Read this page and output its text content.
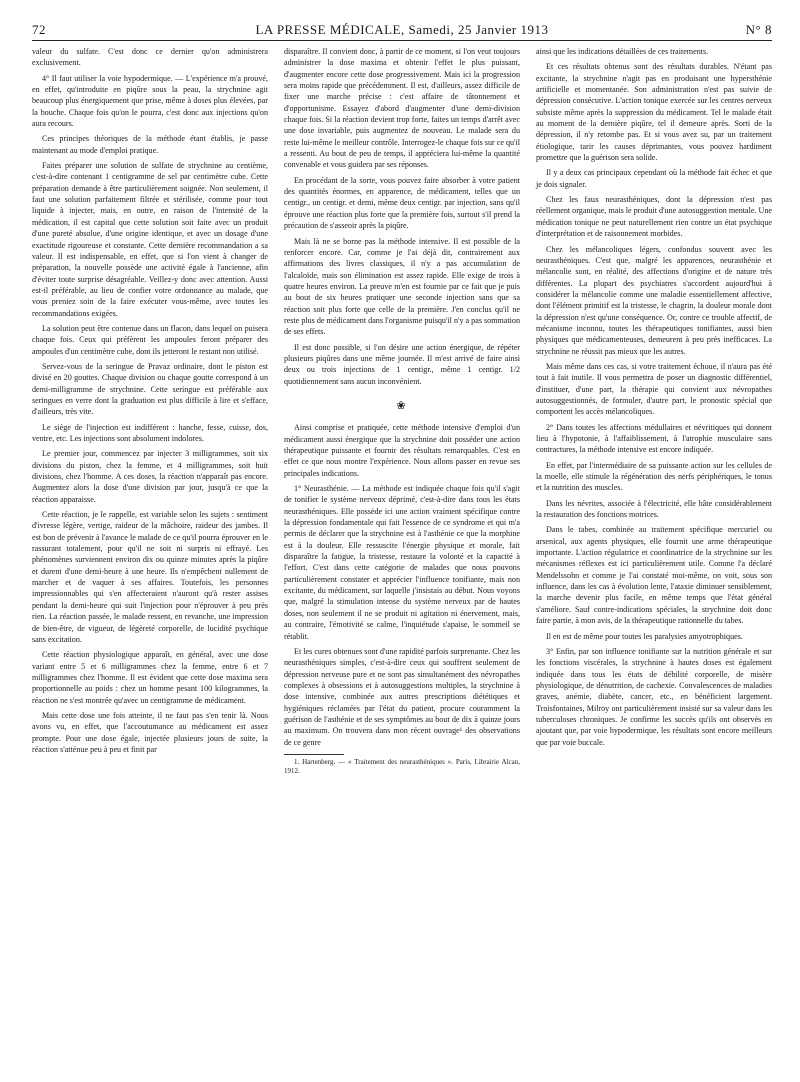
72	LA PRESSE MÉDICALE, Samedi, 25 Janvier 1913	N° 8

valeur du sulfate. C'est donc ce dernier qu'on administrera exclusivement.

4° Il faut utiliser la voie hypodermique. — L'expérience m'a prouvé, en effet, qu'introduite en piqûre sous la peau, la strychnine agit beaucoup plus énergiquement que prise, même à doses plus élevées, par la bouche. Chaque fois qu'on le pourra, c'est donc aux injections qu'on aura recours.

Ces principes théoriques de la méthode étant établis, je passe maintenant au mode d'emploi pratique.

Faites préparer une solution de sulfate de strychnine au centième, c'est-à-dire contenant 1 centigramme de sel par centimètre cube. Cette préparation demande à être particulièrement soignée. Non seulement, il faut une solution parfaitement filtrée et stérilisée, comme pour tout liquide à injecter, mais, en outre, en raison de l'intensité de la médication, il est capital que cette solution soit faite avec un produit d'une pureté absolue, d'une origine identique, et avec un dosage d'une exactitude rigoureuse et constante. Cette dernière recommandation a sa valeur. Il est indispensable, en effet, que si l'on vient à changer de préparation, la nouvelle possède une activité égale à l'ancienne, afin d'éviter toute surprise désagréable. Veillez-y donc avec attention. Aussi est-il préférable, au lieu de confier votre ordonnance au malade, que vous preniez soin de la faire exécuter vous-même, avec toutes les recommandations exigées.

La solution peut être contenue dans un flacon, dans lequel on puisera chaque fois. Ceux qui préfèrent les ampoules feront préparer des ampoules d'un centimètre cube, dont ils jetteront le restant non utilisé.

Servez-vous de la seringue de Pravaz ordinaire, dont le piston est divisé en 20 gouttes. Chaque division ou chaque goutte correspond à un demi-milligramme de strychnine. Cette seringue est préférable aux seringues en verre dont la graduation est plus difficile à lire et s'efface, d'ailleurs, très vite.

Le siège de l'injection est indifférent : hanche, fesse, cuisse, dos, ventre, etc. Les injections sont absolument indolores.

Le premier jour, commencez par injecter 3 milligrammes, soit six divisions du piston, chez la femme, et 4 milligrammes, soit huit divisions, chez l'homme. A ces doses, la réaction n'apparaît pas encore. Augmentez alors la dose d'une division par jour, jusqu'à ce que la réaction apparaisse.

Cette réaction, je le rappelle, est variable selon les sujets : sentiment d'ivresse légère, vertige, raideur de la mâchoire, raideur des jambes. Il est bon de prévenir à l'avance le malade de ce qu'il pourra éprouver en le rassurant totalement, pour qu'il ne soit ni surpris ni effrayé. Les phénomènes surviennent environ dix ou quinze minutes après la piqûre et durent d'une demi-heure à une heure. Ils n'empêchent nullement de marcher et de vaquer à ses affaires. Toutefois, les personnes impressionnables qui s'en affecteraient n'auront qu'à rester assises pendant la demi-heure qui suit l'injection pour n'éprouver à peu près rien. La réaction passée, le malade ressent, en revanche, une impression de bien-être, de vigueur, de légèreté corporelle, de lucidité psychique sans excitation.

Cette réaction physiologique apparaît, en général, avec une dose variant entre 5 et 6 milligrammes chez la femme, entre 6 et 7 milligrammes chez l'homme. Il est évident que cette dose maxima sera proportionnelle au poids : chez un homme pesant 100 kilogrammes, la réaction ne s'est montrée qu'avec un centigramme de médicament.

Mais cette dose une fois atteinte, il ne faut pas s'en tenir là. Nous avons vu, en effet, que l'accoutumance au médicament est assez prompte. Pour une dose égale, injectée plusieurs jours de suite, la réaction s'atténue peu à peu et finit par

disparaître. Il convient donc, à partir de ce moment, si l'on veut toujours administrer la dose maxima et obtenir l'effet le plus puissant, d'augmenter encore cette dose progressivement. Mais ici la progression sera moins rapide que précédemment. Il est, d'ailleurs, assez difficile de fixer une marche précise : c'est affaire de tâtonnement et d'opportunisme. Essayez d'abord d'augmenter d'une demi-division chaque fois. Si la réaction devient trop forte, faites un temps d'arrêt avec une dose invariable, puis augmentez de nouveau. Le malade sera du reste lui-même le meilleur contrôle. Interrogez-le chaque fois sur ce qu'il a ressenti. Au bout de peu de temps, il appréciera lui-même la quantité convenable et vous guidera par ses réponses.

En procédant de la sorte, vous pouvez faire absorber à votre patient des quantités énormes, en apparence, de médicament, telles que un centigr., un centigr. et demi, même deux centigr. par injection, sans qu'il éprouve une réaction plus forte que la première fois, surtout s'il prend la précaution de s'asseoir après la piqûre.

Mais là ne se borne pas la méthode intensive. Il est possible de la renforcer encore. Car, comme je l'ai déjà dit, contrairement aux affirmations des livres classiques, il n'y a pas accumulation de l'alcaloïde, mais son élimination est assez rapide. Elle exige de trois à quatre heures environ. La preuve m'en est fournie par ce fait que je puis au bout de six heures pratiquer une seconde injection sans que sa réaction soit plus forte que celle de la première. J'en conclus qu'il ne reste plus de médicament dans l'organisme puisqu'il n'y a pas sommation de ses effets.

Il est donc possible, si l'on désire une action énergique, de répéter plusieurs piqûres dans une même journée. Il m'est arrivé de faire ainsi deux ou trois injections de 1 centigr., même 1 centigr. 1/2 quotidiennement sans aucun inconvénient.

❀

Ainsi comprise et pratiquée, cette méthode intensive d'emploi d'un médicament aussi énergique que la strychnine doit posséder une action thérapeutique puissante et fournir des résultats remarquables. C'est en effet ce que nous montre l'expérience. Nous allons passer en revue ses principales indications.

1° Neurasthénie. — La méthode est indiquée chaque fois qu'il s'agit de tonifier le système nerveux déprimé, c'est-à-dire dans tous les états neurasthéniques. Elle possède ici une action vraiment spécifique contre la dépression fondamentale qui fait l'essence de ce syndrome et qui m'a permis de déclarer que la strychnine est à l'asthénie ce que la morphine est à la douleur. Elle ressuscite l'énergie physique et morale, fait disparaître la fatigue, la tristesse, restaure la volonté et la capacité à l'effort. C'est dans cette catégorie de malades que nous pouvons particulièrement constater et apprécier l'influence tonifiante, mais non excitante, du médicament, sur laquelle j'insistais au début. Nous voyons que, malgré la stimulation intense du système nerveux par de hautes doses, non seulement il ne se produit ni agitation ni énervement, mais, au contraire, l'émotivité se calme, l'inquiétude s'apaise, le sommeil se rétablit.

Et les cures obtenues sont d'une rapidité parfois surprenante. Chez les neurasthéniques simples, c'est-à-dire ceux qui souffrent seulement de dépression nerveuse pure et ne sont pas simultanément des névropathes complexes à obsessions et à autosuggestions multiples, la strychnine à dose intensive, combinée aux autres prescriptions diététiques et hygiéniques réclamées par l'état du patient, procure couramment la guérison de l'asthénie et de ses symptômes au bout de dix à quinze jours au maximum. On trouvera dans mon récent ouvrage¹ des observations de ce genre

1. Hartenberg. — « Traitement des neurasthéniques ». Paris, Librairie Alcan, 1912.

ainsi que les indications détaillées de ces traitements.

Et ces résultats obtenus sont des résultats durables. N'étant pas excitante, la strychnine n'agit pas en produisant une hypersthénie artificielle et momentanée. Son administration n'est pas suivie de dépression consécutive. L'action tonique exercée sur les centres nerveux subsiste même après la suppression du médicament. Tel le malade était au moment de la dernière piqûre, tel il demeure après. Sorti de la dépression, il n'y retombe pas. Et si vous avez su, par un traitement étiologique, tarir les causes déprimantes, vous pouvez hardiment promettre que la guérison sera solide.

Il y a deux cas principaux cependant où la méthode fait échec et que je dois signaler.

Chez les faux neurasthéniques, dont la dépression n'est pas réellement organique, mais le produit d'une autosuggestion mentale. Une médication tonique ne peut naturellement rien contre un état psychique d'interprétation et de raisonnement morbides.

Chez les mélancoliques légers, confondus souvent avec les neurasthéniques. C'est que, malgré les apparences, neurasthénie et mélancolie sont, en réalité, des affections d'origine et de nature très différentes. La plupart des psychiatres s'accordent aujourd'hui à considérer la mélancolie comme une maladie essentiellement affective, dont l'élément primitif est la tristesse, le chagrin, la douleur morale dont la dépression n'est qu'une conséquence. Or, contre ce trouble affectif, de mécanisme inconnu, toutes les thérapeutiques tonifiantes, aussi bien physiques que médicamenteuses, demeurent à peu près inefficaces. La strychnine ne réussit pas mieux que les autres.

Mais même dans ces cas, si votre traitement échoue, il n'aura pas été tout à fait inutile. Il vous permettra de poser un diagnostic différentiel, d'instituer, d'une part, la thérapie qui convient aux névropathes autosuggestionnés, de formuler, d'autre part, le pronostic spécial que comportent les accès mélancoliques.

2° Dans toutes les affections médullaires et névritiques qui donnent lieu à l'hypotonie, à l'affaiblissement, à l'atrophie musculaire sans contractures, la méthode intensive est encore indiquée.

En effet, par l'intermédiaire de sa puissante action sur les cellules de la moelle, elle stimule la régénération des nerfs périphériques, le tonus et la nutrition des muscles.

Dans les névrites, associée à l'électricité, elle hâte considérablement la restauration des fonctions motrices.

Dans le tabes, combinée au traitement spécifique mercuriel ou arsenical, aux agents physiques, elle fournit une arme thérapeutique importante. L'action régulatrice et coordinatrice de la strychnine sur les mécanismes réflexes est ici particulièrement utile. Comme l'a déclaré Mendelssohn et comme je l'ai constaté moi-même, on voit, sous son influence, dans les cas à évolution lente, l'ataxie diminuer sensiblement, la marche devenir plus facile, en même temps que l'état général s'améliore. Sauf contre-indications spéciales, la strychnine doit donc faire partie, à mon avis, de la thérapeutique rationnelle du tabes.

Il en est de même pour toutes les paralysies amyotrophiques.

3° Enfin, par son influence tonifiante sur la nutrition générale et sur les fonctions viscérales, la strychnine à hautes doses est également indiquée dans tous les états de débilité corporelle, de misère physiologique, de dénutrition, de cachexie. Convalescences de maladies graves, anémie, diabète, cancer, etc., en bénéficient largement. Troisfontaines, Milroy ont particulièrement insisté sur sa valeur dans les tuberculoses chroniques. Je confirme les succès qu'ils ont observés en ajoutant que, par voie hypodermique, les résultats sont encore meilleurs que par voie buccale.
